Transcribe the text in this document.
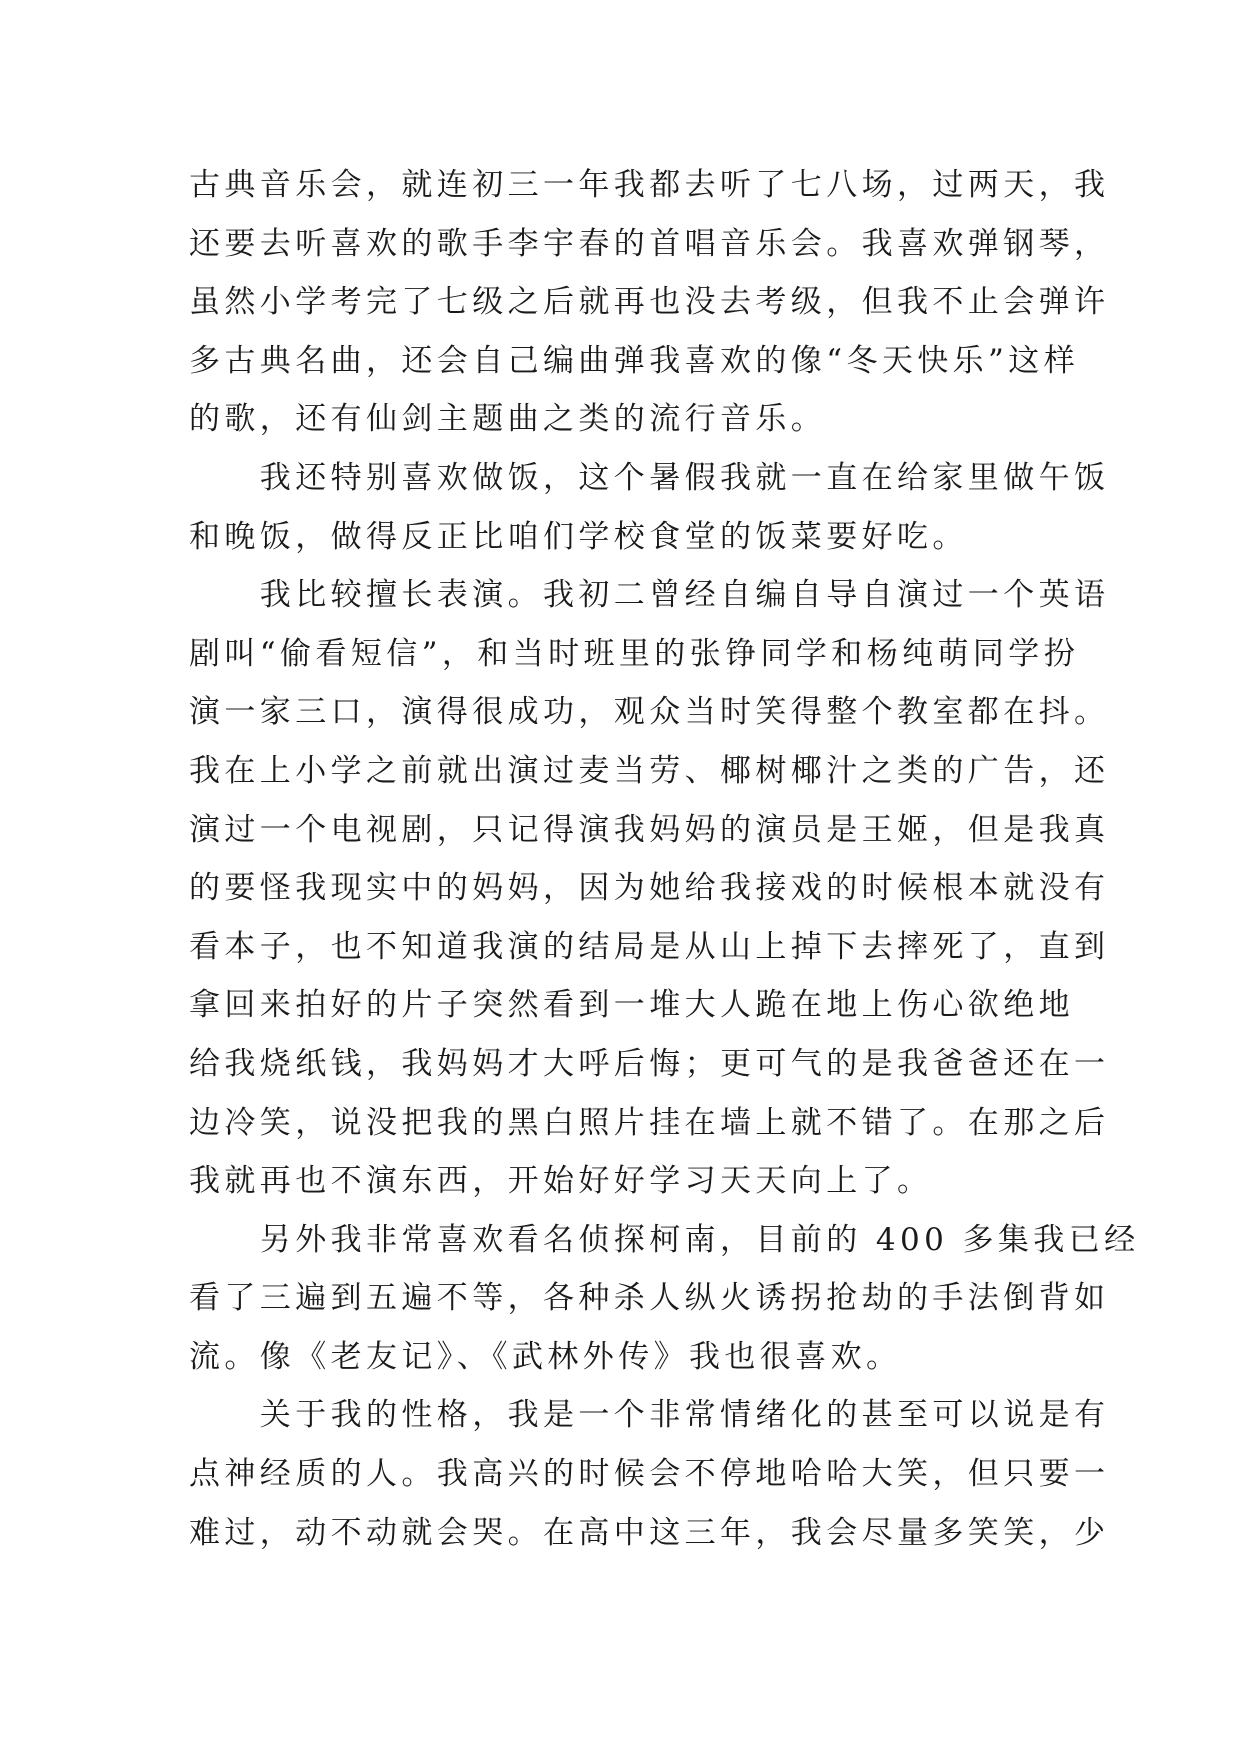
古典音乐会，就连初三一年我都去听了七八场，过两天，我
还要去听喜欢的歌手李宇春的首唱音乐会。我喜欢弹钢琴，
虽然小学考完了七级之后就再也没去考级，但我不止会弹许
多古典名曲，还会自己编曲弹我喜欢的像“冬天快乐”这样
的歌，还有仙剑主题曲之类的流行音乐。
　　我还特别喜欢做饭，这个暑假我就一直在给家里做午饭
和晚饭，做得反正比咱们学校食堂的饭菜要好吃。
　　我比较擅长表演。我初二曾经自编自导自演过一个英语
剧叫“偷看短信”，和当时班里的张铮同学和杨纯萌同学扮
演一家三口，演得很成功，观众当时笑得整个教室都在抖。
我在上小学之前就出演过麦当劳、椰树椰汁之类的广告，还
演过一个电视剧，只记得演我妈妈的演员是王姬，但是我真
的要怪我现实中的妈妈，因为她给我接戏的时候根本就没有
看本子，也不知道我演的结局是从山上掉下去摔死了，直到
拿回来拍好的片子突然看到一堆大人跪在地上伤心欲绝地
给我烧纸钱，我妈妈才大呼后悔；更可气的是我爸爸还在一
边冷笑，说没把我的黑白照片挂在墙上就不错了。在那之后
我就再也不演东西，开始好好学习天天向上了。
　　另外我非常喜欢看名侦探柯南，目前的 400 多集我已经
看了三遍到五遍不等，各种杀人纵火诱拐抢劫的手法倒背如
流。像《老友记》、《武林外传》我也很喜欢。
　　关于我的性格，我是一个非常情绪化的甚至可以说是有
点神经质的人。我高兴的时候会不停地哈哈大笑，但只要一
难过，动不动就会哭。在高中这三年，我会尽量多笑笑，少
